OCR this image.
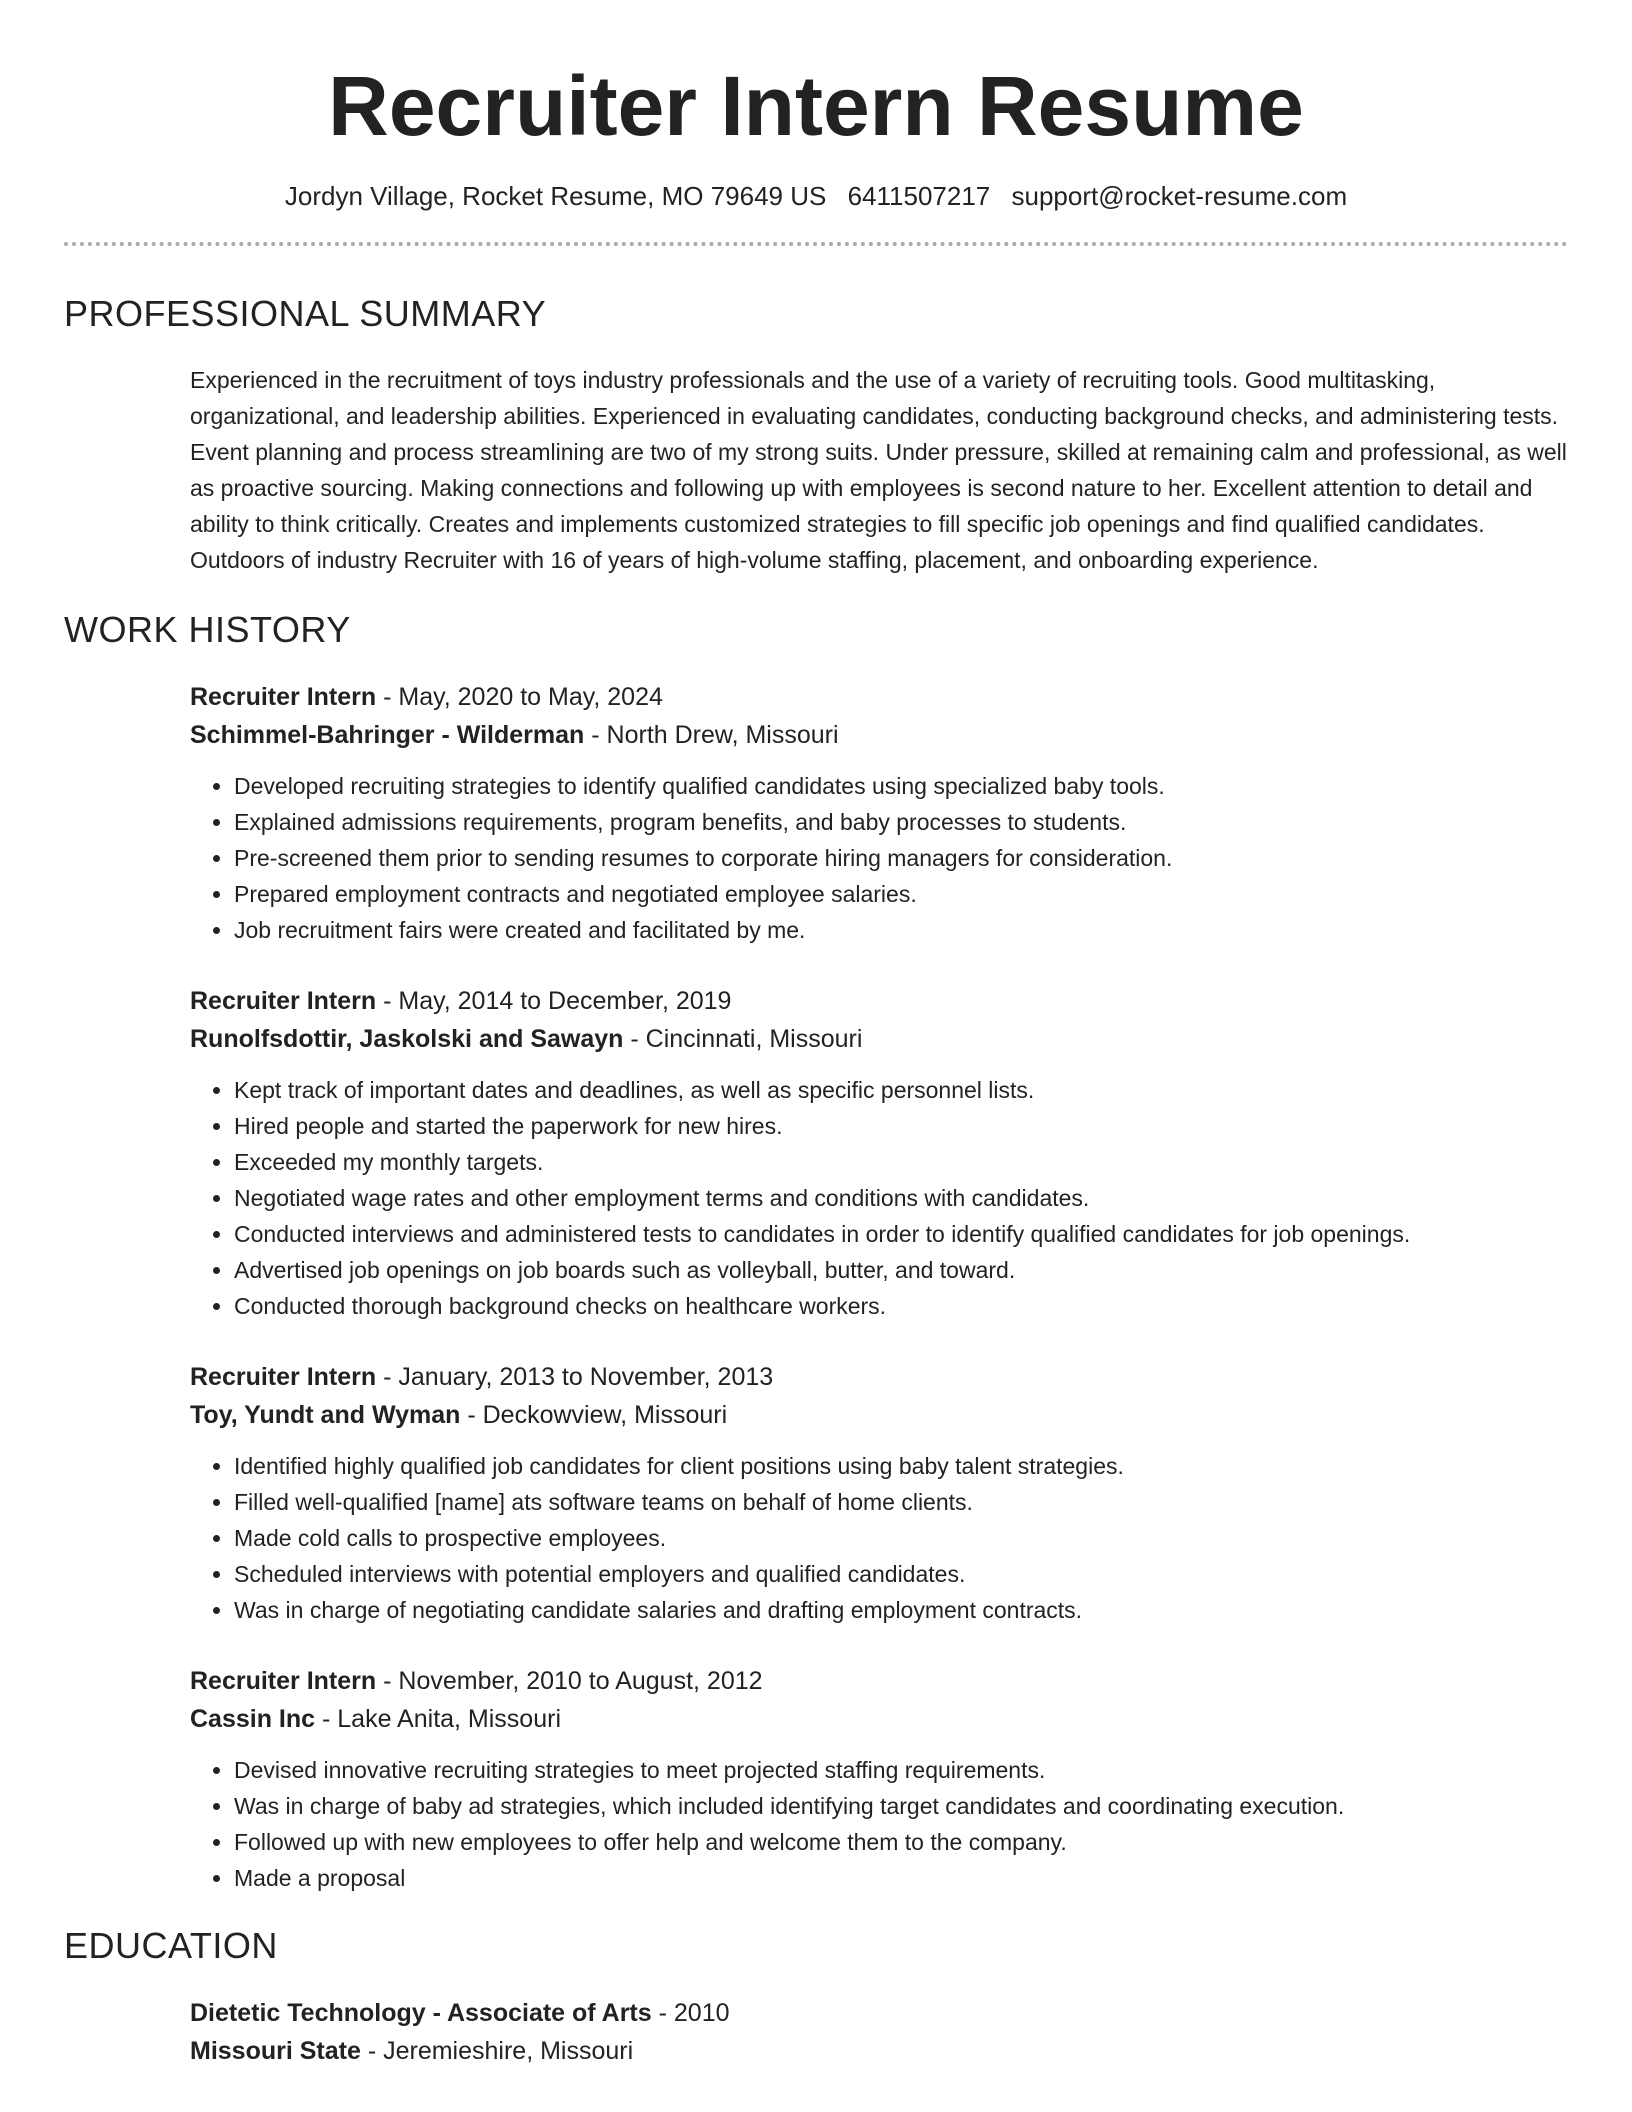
Recruiter Intern Resume
Jordyn Village, Rocket Resume, MO 79649 US 6411507217 support@rocket-resume.com
PROFESSIONAL SUMMARY

Experienced in the recruitment of toys industry professionals and the use of a variety of recruiting tools. Good multitasking, organizational, and leadership abilities. Experienced in evaluating candidates, conducting background checks, and administering tests. Event planning and process streamlining are two of my strong suits. Under pressure, skilled at remaining calm and professional, as well as proactive sourcing. Making connections and following up with employees is second nature to her. Excellent attention to detail and ability to think critically. Creates and implements customized strategies to fill specific job openings and find qualified candidates. Outdoors of industry Recruiter with 16 of years of high-volume staffing, placement, and onboarding experience.

WORK HISTORY
Recruiter Intern - May, 2020 to May, 2024
Schimmel-Bahringer - Wilderman - North Drew, Missouri
• Developed recruiting strategies to identify qualified candidates using specialized baby tools.
• Explained admissions requirements, program benefits, and baby processes to students.
• Pre-screened them prior to sending resumes to corporate hiring managers for consideration.
• Prepared employment contracts and negotiated employee salaries.
• Job recruitment fairs were created and facilitated by me.
Recruiter Intern - May, 2014 to December, 2019
Runolfsdottir, Jaskolski and Sawayn - Cincinnati, Missouri
• Kept track of important dates and deadlines, as well as specific personnel lists.
• Hired people and started the paperwork for new hires.
• Exceeded my monthly targets.
• Negotiated wage rates and other employment terms and conditions with candidates.
• Conducted interviews and administered tests to candidates in order to identify qualified candidates for job openings.
• Advertised job openings on job boards such as volleyball, butter, and toward.
• Conducted thorough background checks on healthcare workers.
Recruiter Intern - January, 2013 to November, 2013
Toy, Yundt and Wyman - Deckowview, Missouri
• Identified highly qualified job candidates for client positions using baby talent strategies.
• Filled well-qualified [name] ats software teams on behalf of home clients.
• Made cold calls to prospective employees.
• Scheduled interviews with potential employers and qualified candidates.
• Was in charge of negotiating candidate salaries and drafting employment contracts.
Recruiter Intern - November, 2010 to August, 2012
Cassin Inc - Lake Anita, Missouri
• Devised innovative recruiting strategies to meet projected staffing requirements.
• Was in charge of baby ad strategies, which included identifying target candidates and coordinating execution.
• Followed up with new employees to offer help and welcome them to the company.
• Made a proposal
EDUCATION
Dietetic Technology - Associate of Arts - 2010
Missouri State - Jeremieshire, Missouri
